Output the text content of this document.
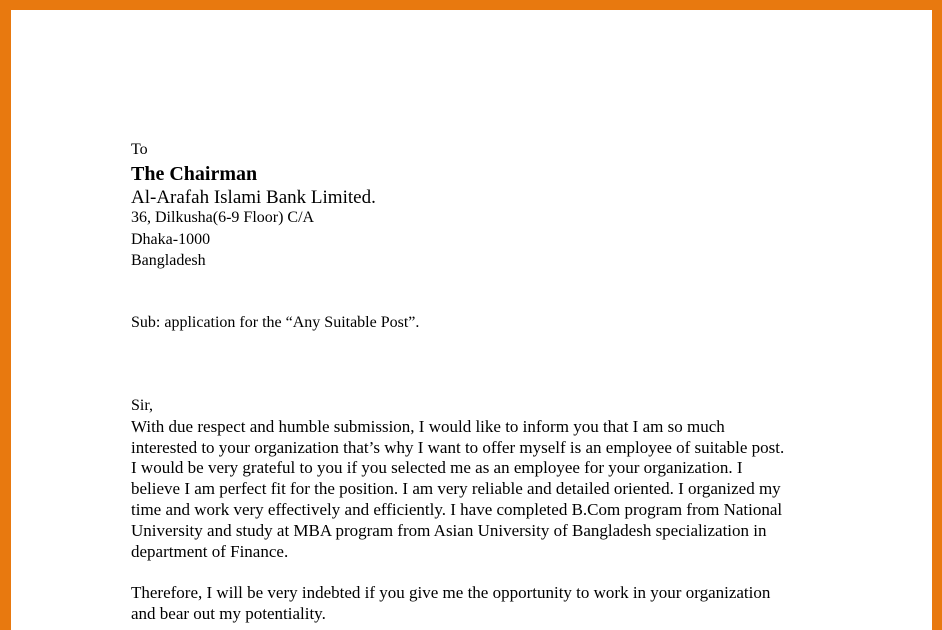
To
The Chairman
Al-Arafah Islami Bank Limited.
36, Dilkusha(6-9 Floor) C/A
Dhaka-1000
Bangladesh
Sub: application for the “Any Suitable Post”.
Sir,
With due respect and humble submission, I would like to inform you that I am so much
interested to your organization that’s why I want to offer myself is an employee of suitable post.
I would be very grateful to you if you selected me as an employee for your organization. I
believe I am perfect fit for the position. I am very reliable and detailed oriented. I organized my
time and work very effectively and efficiently. I have completed B.Com program from National
University and study at MBA program from Asian University of Bangladesh specialization in
department of Finance.
Therefore, I will be very indebted if you give me the opportunity to work in your organization
and bear out my potentiality.
